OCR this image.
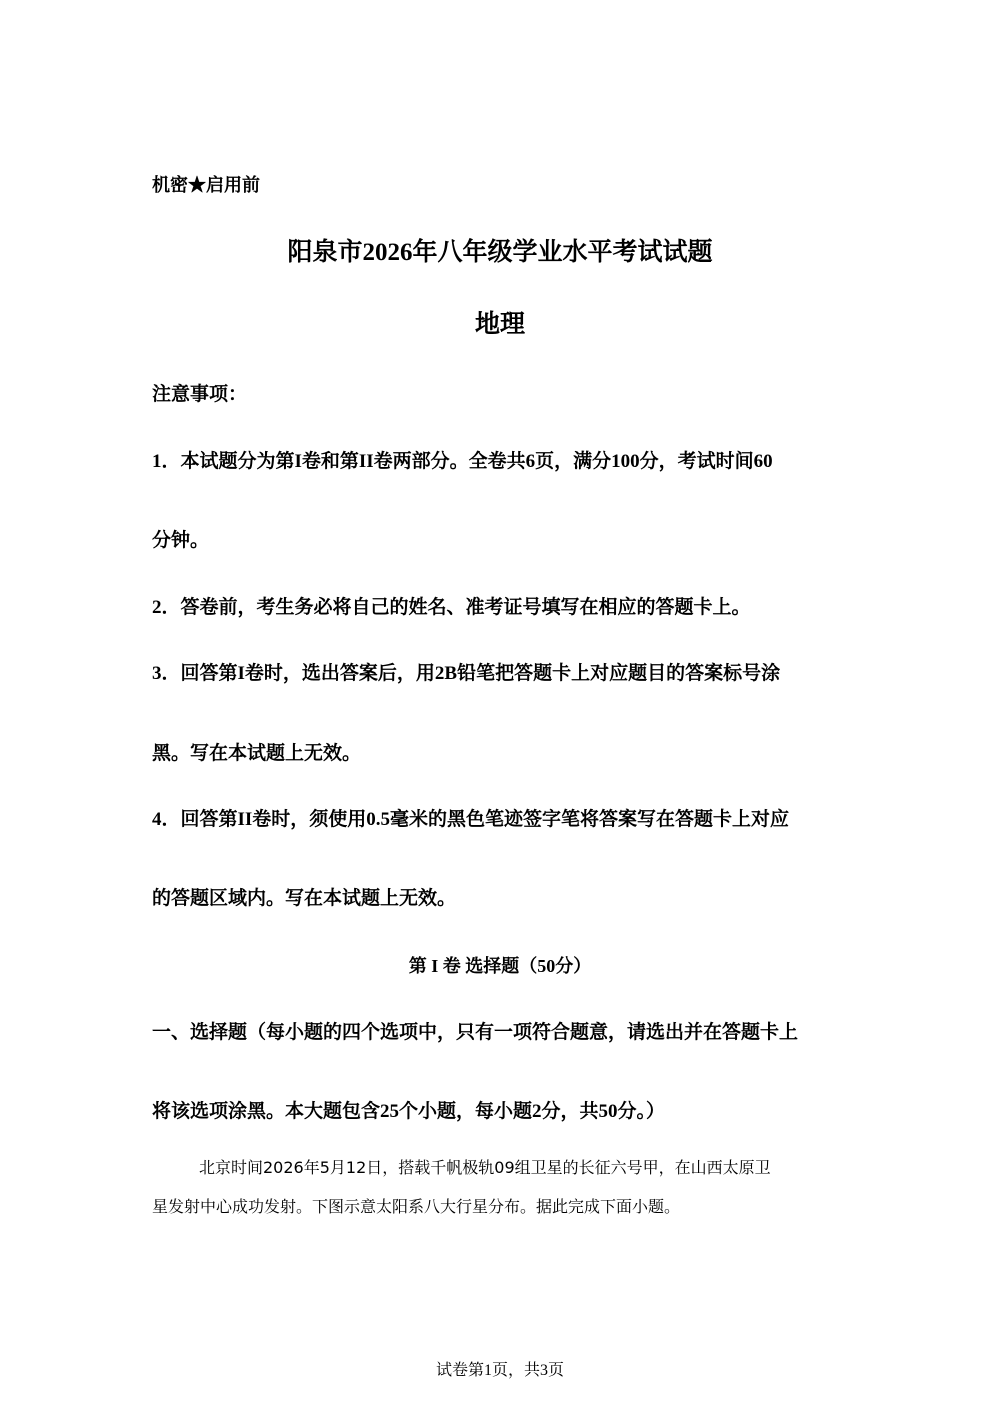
机密★启用前
阳泉市2026年八年级学业水平考试试题
地理
注意事项：
1．本试题分为第I卷和第II卷两部分。全卷共6页，满分100分，考试时间60
分钟。
2．答卷前，考生务必将自己的姓名、准考证号填写在相应的答题卡上。
3．回答第I卷时，选出答案后，用2B铅笔把答题卡上对应题目的答案标号涂
黑。写在本试题上无效。
4．回答第II卷时，须使用0.5毫米的黑色笔迹签字笔将答案写在答题卡上对应
的答题区域内。写在本试题上无效。
第 I 卷 选择题（50分）
一、选择题（每小题的四个选项中，只有一项符合题意，请选出并在答题卡上
将该选项涂黑。本大题包含25个小题，每小题2分，共50分。）
北京时间2026年5月12日，搭载千帆极轨09组卫星的长征六号甲，在山西太原卫
星发射中心成功发射。下图示意太阳系八大行星分布。据此完成下面小题。
试卷第1页，共3页
